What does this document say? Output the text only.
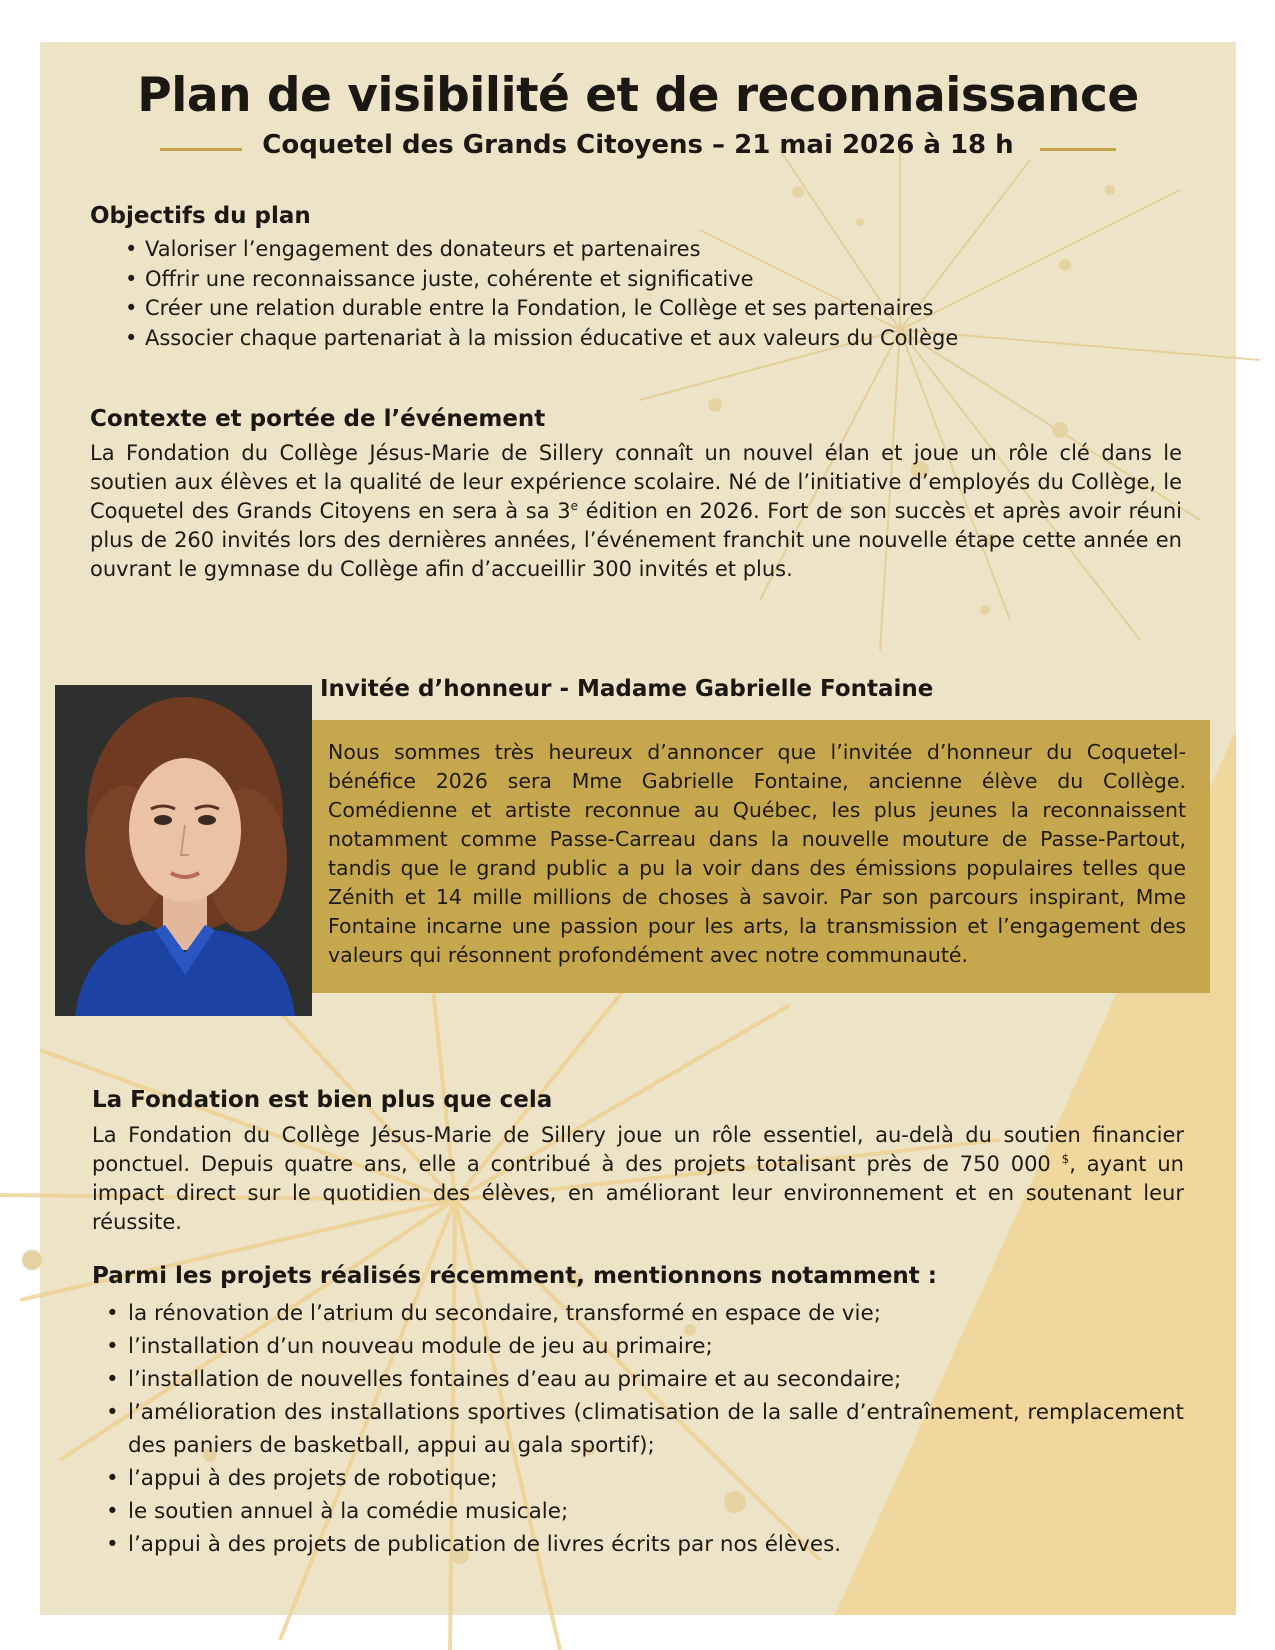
Plan de visibilité et de reconnaissance

Coquetel des Grands Citoyens – 21 mai 2026 à 18 h

Objectifs du plan
• Valoriser l’engagement des donateurs et partenaires
• Offrir une reconnaissance juste, cohérente et significative
• Créer une relation durable entre la Fondation, le Collège et ses partenaires
• Associer chaque partenariat à la mission éducative et aux valeurs du Collège
Contexte et portée de l’événement

La Fondation du Collège Jésus-Marie de Sillery connaît un nouvel élan et joue un rôle clé dans le soutien aux élèves et la qualité de leur expérience scolaire. Né de l’initiative d’employés du Collège, le Coquetel des Grands Citoyens en sera à sa 3e édition en 2026. Fort de son succès et après avoir réuni plus de 260 invités lors des dernières années, l’événement franchit une nouvelle étape cette année en ouvrant le gymnase du Collège afin d’accueillir 300 invités et plus.

Invitée d’honneur - Madame Gabrielle Fontaine

Nous sommes très heureux d’annoncer que l’invitée d’honneur du Coquetel-bénéfice 2026 sera Mme Gabrielle Fontaine, ancienne élève du Collège. Comédienne et artiste reconnue au Québec, les plus jeunes la reconnaissent notamment comme Passe-Carreau dans la nouvelle mouture de Passe-Partout, tandis que le grand public a pu la voir dans des émissions populaires telles que Zénith et 14 mille millions de choses à savoir. Par son parcours inspirant, Mme Fontaine incarne une passion pour les arts, la transmission et l’engagement des valeurs qui résonnent profondément avec notre communauté.

La Fondation est bien plus que cela

La Fondation du Collège Jésus-Marie de Sillery joue un rôle essentiel, au-delà du soutien financier ponctuel. Depuis quatre ans, elle a contribué à des projets totalisant près de 750 000 $, ayant un impact direct sur le quotidien des élèves, en améliorant leur environnement et en soutenant leur réussite.

Parmi les projets réalisés récemment, mentionnons notamment :
• la rénovation de l’atrium du secondaire, transformé en espace de vie;
• l’installation d’un nouveau module de jeu au primaire;
• l’installation de nouvelles fontaines d’eau au primaire et au secondaire;
• l’amélioration des installations sportives (climatisation de la salle d’entraînement, remplacement des paniers de basketball, appui au gala sportif);
• l’appui à des projets de robotique;
• le soutien annuel à la comédie musicale;
• l’appui à des projets de publication de livres écrits par nos élèves.
